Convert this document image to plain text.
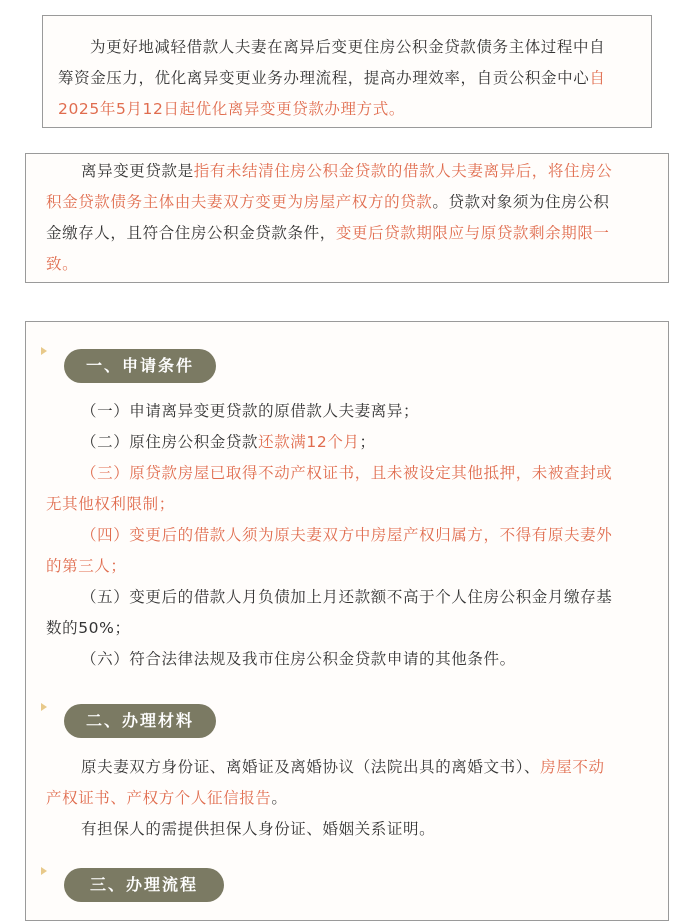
为更好地减轻借款人夫妻在离异后变更住房公积金贷款债务主体过程中自
筹资金压力，优化离异变更业务办理流程，提高办理效率，自贡公积金中心自
2025年5月12日起优化离异变更贷款办理方式。
离异变更贷款是指有未结清住房公积金贷款的借款人夫妻离异后，将住房公
积金贷款债务主体由夫妻双方变更为房屋产权方的贷款。贷款对象须为住房公积
金缴存人，且符合住房公积金贷款条件，变更后贷款期限应与原贷款剩余期限一
致。
一、申请条件
（一）申请离异变更贷款的原借款人夫妻离异；
（二）原住房公积金贷款还款满12个月；
（三）原贷款房屋已取得不动产权证书，且未被设定其他抵押，未被查封或
无其他权利限制；
（四）变更后的借款人须为原夫妻双方中房屋产权归属方，不得有原夫妻外
的第三人；
（五）变更后的借款人月负债加上月还款额不高于个人住房公积金月缴存基
数的50%；
（六）符合法律法规及我市住房公积金贷款申请的其他条件。
二、办理材料
原夫妻双方身份证、离婚证及离婚协议（法院出具的离婚文书）、房屋不动
产权证书、产权方个人征信报告。
有担保人的需提供担保人身份证、婚姻关系证明。
三、办理流程
